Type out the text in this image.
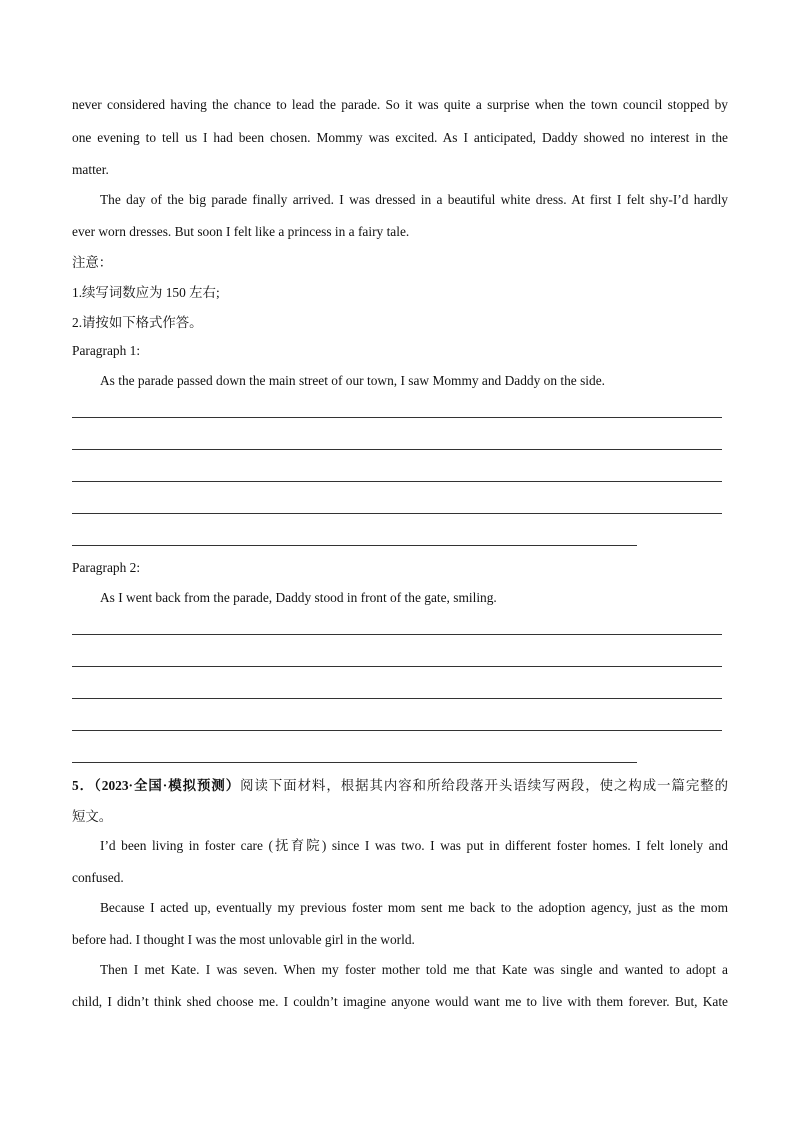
never considered having the chance to lead the parade. So it was quite a surprise when the town council stopped by
one evening to tell us I had been chosen. Mommy was excited. As I anticipated, Daddy showed no interest in the
matter.
The day of the big parade finally arrived. I was dressed in a beautiful white dress. At first I felt shy-I’d hardly
ever worn dresses. But soon I felt like a princess in a fairy tale.
注意：
1.续写词数应为 150 左右;
2.请按如下格式作答。
Paragraph 1:
As the parade passed down the main street of our town, I saw Mommy and Daddy on the side.
Paragraph 2:
As I went back from the parade, Daddy stood in front of the gate, smiling.
5．（2023·全国·模拟预测）阅读下面材料，根据其内容和所给段落开头语续写两段，使之构成一篇完整的
短文。
I’d been living in foster care (抚育院) since I was two. I was put in different foster homes. I felt lonely and
confused.
Because I acted up, eventually my previous foster mom sent me back to the adoption agency, just as the mom
before had. I thought I was the most unlovable girl in the world.
Then I met Kate. I was seven. When my foster mother told me that Kate was single and wanted to adopt a
child, I didn’t think shed choose me. I couldn’t imagine anyone would want me to live with them forever. But, Kate
